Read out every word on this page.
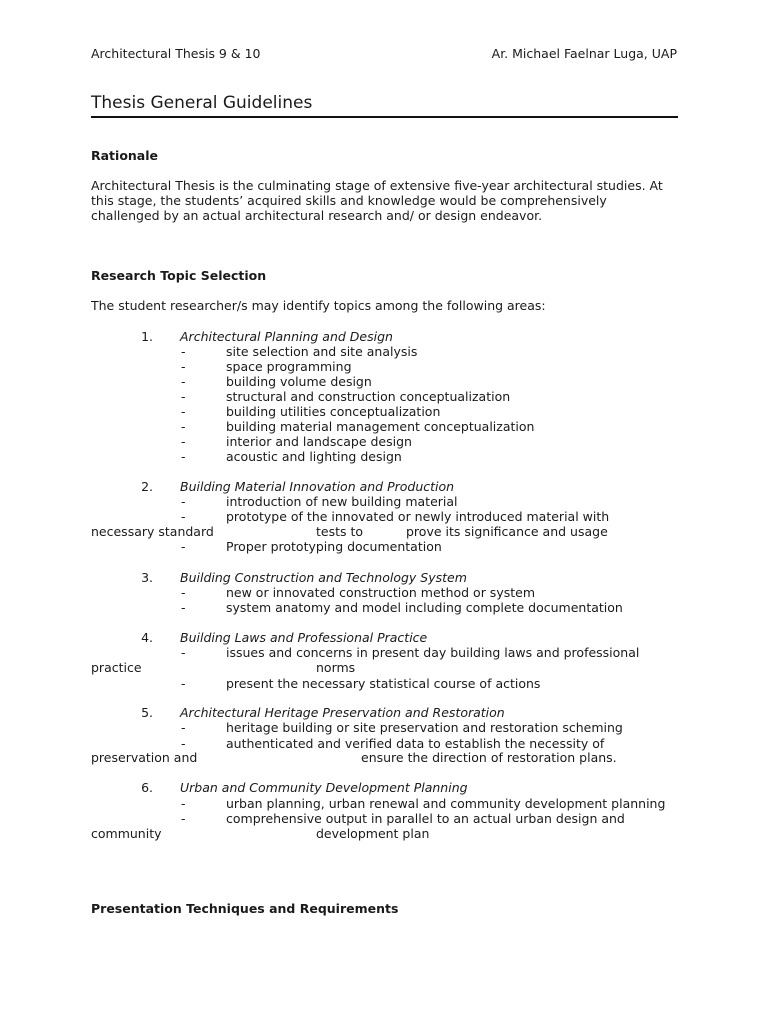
Architectural Thesis 9 & 10	Ar. Michael Faelnar Luga, UAP
Thesis General Guidelines
Rationale
Architectural Thesis is the culminating stage of extensive five-year architectural studies. At
this stage, the students’ acquired skills and knowledge would be comprehensively
challenged by an actual architectural research and/ or design endeavor.
Research Topic Selection
The student researcher/s may identify topics among the following areas:
1. Architectural Planning and Design
-	site selection and site analysis
-	space programming
-	building volume design
-	structural and construction conceptualization
-	building utilities conceptualization
-	building material management conceptualization
-	interior and landscape design
-	acoustic and lighting design
2. Building Material Innovation and Production
-	introduction of new building material
-	prototype of the innovated or newly introduced material with
necessary standard	tests to	prove its significance and usage
-	Proper prototyping documentation
3. Building Construction and Technology System
-	new or innovated construction method or system
-	system anatomy and model including complete documentation
4. Building Laws and Professional Practice
-	issues and concerns in present day building laws and professional
practice	norms
-	present the necessary statistical course of actions
5. Architectural Heritage Preservation and Restoration
-	heritage building or site preservation and restoration scheming
-	authenticated and verified data to establish the necessity of
preservation and	ensure the direction of restoration plans.
6. Urban and Community Development Planning
-	urban planning, urban renewal and community development planning
-	comprehensive output in parallel to an actual urban design and
community	development plan
Presentation Techniques and Requirements
